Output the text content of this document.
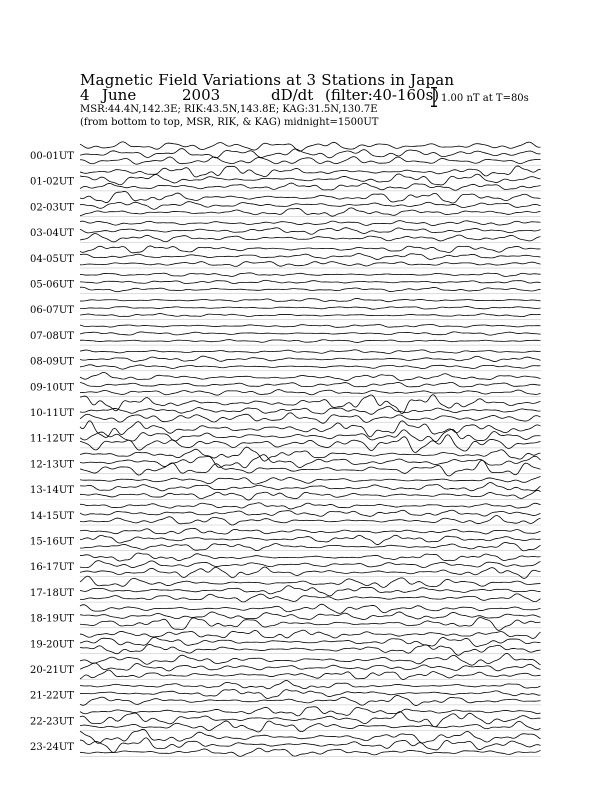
Magnetic Field Variations at 3 Stations in Japan
4 June	2003	dD/dt (filter:40-160s)
MSR:44.4N,142.3E; RIK:43.5N,143.8E; KAG:31.5N,130.7E
(from bottom to top, MSR, RIK, & KAG) midnight=1500UT
1.00 nT at T=80s
00-01UT
01-02UT
02-03UT
03-04UT
04-05UT
05-06UT
06-07UT
07-08UT
08-09UT
09-10UT
10-11UT
11-12UT
12-13UT
13-14UT
14-15UT
15-16UT
16-17UT
17-18UT
18-19UT
19-20UT
20-21UT
21-22UT
22-23UT
23-24UT
